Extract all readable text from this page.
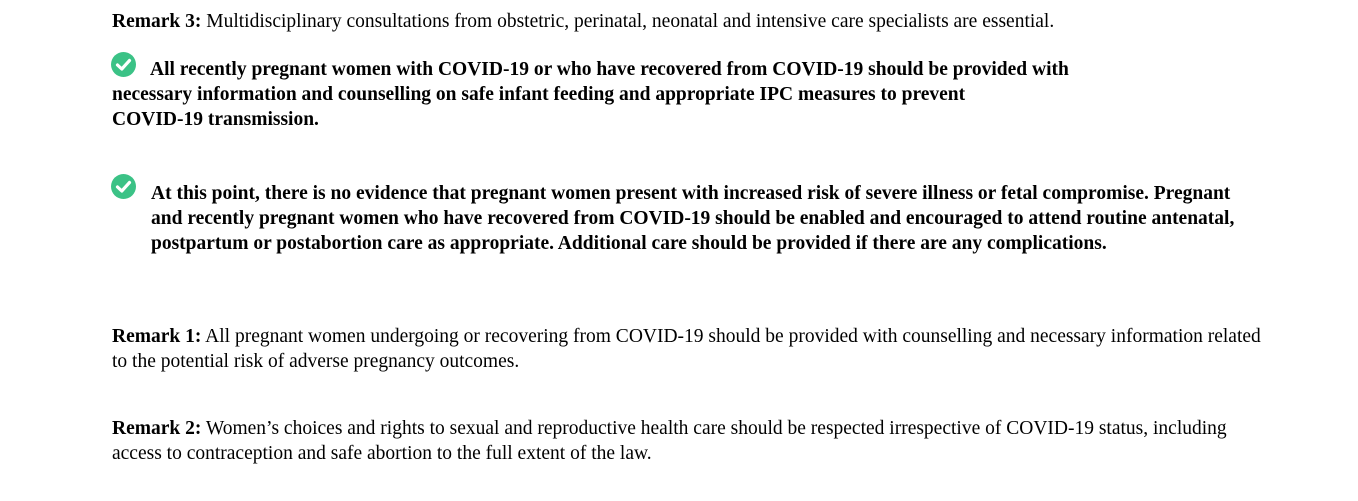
Remark 3: Multidisciplinary consultations from obstetric, perinatal, neonatal and intensive care specialists are essential.

All recently pregnant women with COVID-19 or who have recovered from COVID-19 should be provided with
necessary information and counselling on safe infant feeding and appropriate IPC measures to prevent
COVID-19 transmission.

At this point, there is no evidence that pregnant women present with increased risk of severe illness or fetal compromise. Pregnant and recently pregnant women who have recovered from COVID-19 should be enabled and encouraged to attend routine antenatal, postpartum or postabortion care as appropriate. Additional care should be provided if there are any complications.

Remark 1: All pregnant women undergoing or recovering from COVID-19 should be provided with counselling and necessary information related to the potential risk of adverse pregnancy outcomes.

Remark 2: Women’s choices and rights to sexual and reproductive health care should be respected irrespective of COVID-19 status, including access to contraception and safe abortion to the full extent of the law.
